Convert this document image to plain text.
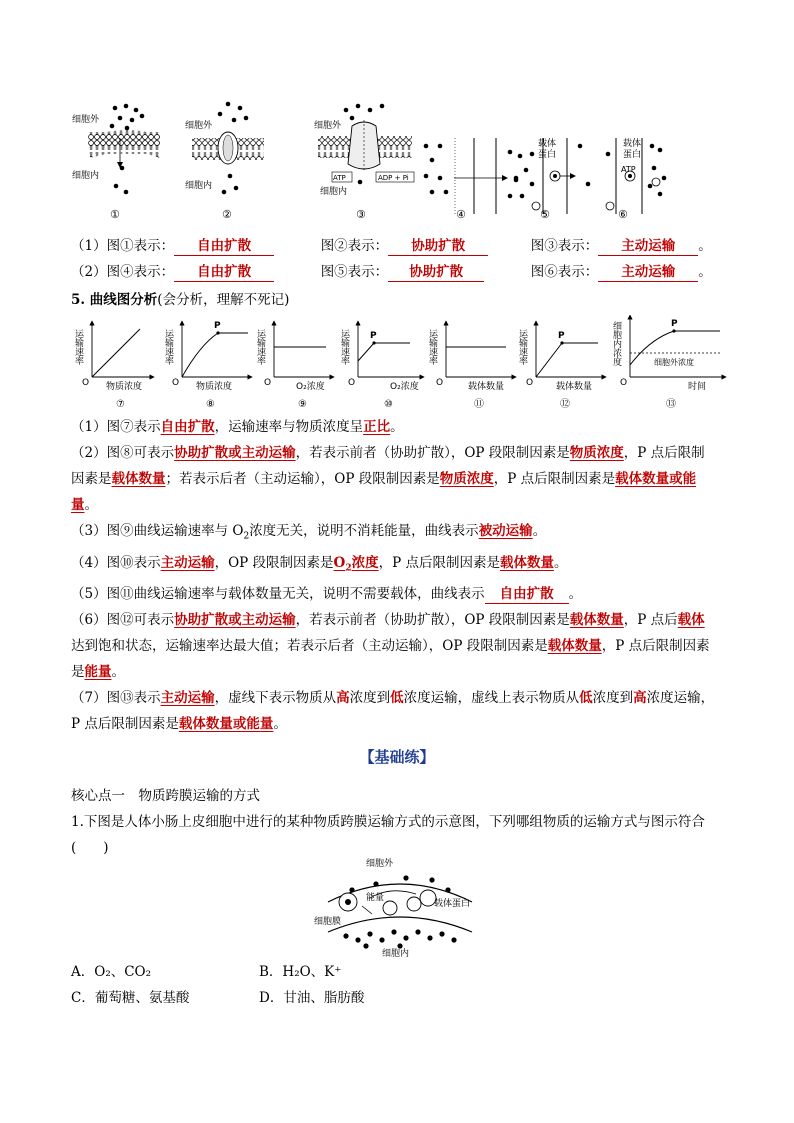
细胞外
细胞内
①
细胞外
细胞内
②
细胞外
ATP	ADP + Pi
细胞内
③	④
载体
蛋白
⑤
载体
蛋白
ATP
⑥
（1）图①表示： 自由扩散	图②表示： 协助扩散	图③表示： 主动运输 。
（2）图④表示： 自由扩散	图⑤表示： 协助扩散	图⑥表示： 主动运输 。
5. 曲线图分析(会分析，理解不死记)
运输速率
O 物质浓度
⑦
运输速率
P
O 物质浓度
⑧
运输速率
O	O₂浓度
⑨
运输速率 P
O	O₂浓度
⑩
运输速率
O	载体数量
⑪
运输速率	P
O	载体数量
⑫
细胞内浓度	P
细胞外浓度
O	时间
⑬
（1）图⑦表示自由扩散，运输速率与物质浓度呈正比。
（2）图⑧可表示协助扩散或主动运输，若表示前者（协助扩散），OP 段限制因素是物质浓度，P 点后限制
因素是载体数量；若表示后者（主动运输），OP 段限制因素是物质浓度，P 点后限制因素是载体数量或能
量。
（3）图⑨曲线运输速率与 $O_2$浓度无关，说明不消耗能量，曲线表示被动运输。
（4）图⑩表示主动运输，OP 段限制因素是$O_2$浓度，P 点后限制因素是载体数量。
（5）图⑪曲线运输速率与载体数量无关，说明不需要载体，曲线表示 自由扩散 。
（6）图⑫可表示协助扩散或主动运输，若表示前者（协助扩散），OP 段限制因素是载体数量，P 点后载体
达到饱和状态，运输速率达最大值；若表示后者（主动运输），OP 段限制因素是载体数量，P 点后限制因素
是能量。
（7）图⑬表示主动运输，虚线下表示物质从高浓度到低浓度运输，虚线上表示物质从低浓度到高浓度运输，
P 点后限制因素是载体数量或能量。
【基础练】
核心点一　物质跨膜运输的方式
1.下图是人体小肠上皮细胞中进行的某种物质跨膜运输方式的示意图，下列哪组物质的运输方式与图示符合
(　　)
细胞外
能量
载体蛋白
细胞膜
细胞内
A．O₂、CO₂	B．H₂O、K⁺
C．葡萄糖、氨基酸	D．甘油、脂肪酸
